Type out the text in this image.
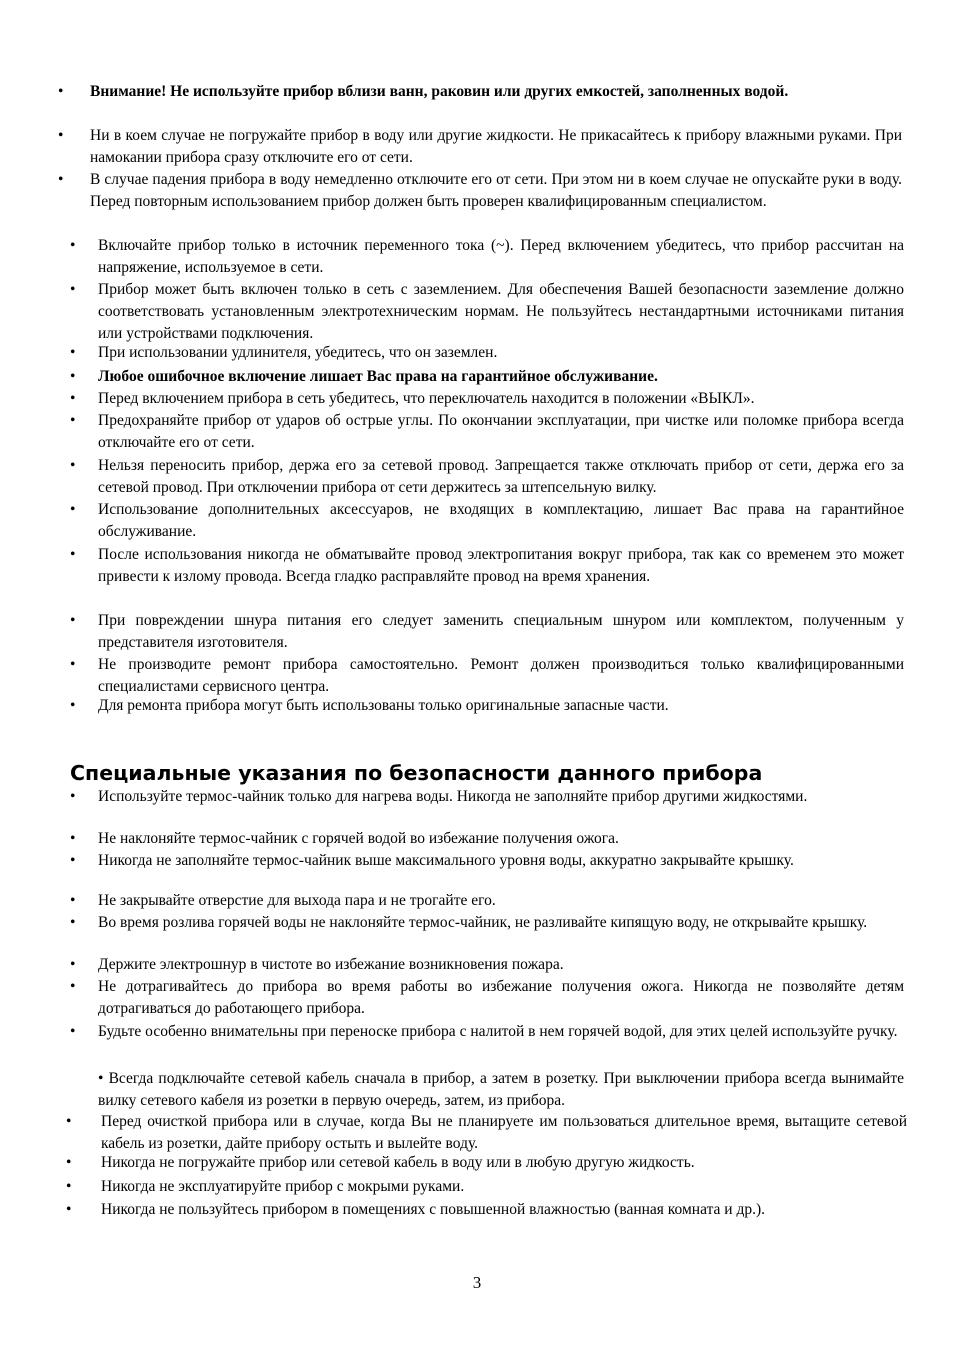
Специальные указания по безопасности данного прибора
• Всегда подключайте сетевой кабель сначала в прибор, а затем в розетку. При выключении прибора всегда вынимайте вилку сетевого кабеля из розетки в первую очередь, затем, из прибора.
3
• Внимание! Не используйте прибор вблизи ванн, раковин или других емкостей, заполненных водой.
• Ни в коем случае не погружайте прибор в воду или другие жидкости. Не прикасайтесь к прибору влажными руками. При намокании прибора сразу отключите его от сети.
• В случае падения прибора в воду немедленно отключите его от сети. При этом ни в коем случае не опускайте руки в воду. Перед повторным использованием прибор должен быть проверен квалифицированным специалистом.
• Включайте прибор только в источник переменного тока (~). Перед включением убедитесь, что прибор рассчитан на напряжение, используемое в сети.
• Прибор может быть включен только в сеть с заземлением. Для обеспечения Вашей безопасности заземление должно соответствовать установленным электротехническим нормам. Не пользуйтесь нестандартными источниками питания или устройствами подключения.
• При использовании удлинителя, убедитесь, что он заземлен.
• Любое ошибочное включение лишает Вас права на гарантийное обслуживание.
• Перед включением прибора в сеть убедитесь, что переключатель находится в положении «ВЫКЛ».
• Предохраняйте прибор от ударов об острые углы. По окончании эксплуатации, при чистке или поломке прибора всегда отключайте его от сети.
• Нельзя переносить прибор, держа его за сетевой провод. Запрещается также отключать прибор от сети, держа его за сетевой провод. При отключении прибора от сети держитесь за штепсельную вилку.
• Использование дополнительных аксессуаров, не входящих в комплектацию, лишает Вас права на гарантийное обслуживание.
• После использования никогда не обматывайте провод электропитания вокруг прибора, так как со временем это может привести к излому провода. Всегда гладко расправляйте провод на время хранения.
• При повреждении шнура питания его следует заменить специальным шнуром или комплектом, полученным у представителя изготовителя.
• Не производите ремонт прибора самостоятельно. Ремонт должен производиться только квалифицированными специалистами сервисного центра.
• Для ремонта прибора могут быть использованы только оригинальные запасные части.
• Используйте термос-чайник только для нагрева воды. Никогда не заполняйте прибор другими жидкостями.
• Не наклоняйте термос-чайник с горячей водой во избежание получения ожога.
• Никогда не заполняйте термос-чайник выше максимального уровня воды, аккуратно закрывайте крышку.
• Не закрывайте отверстие для выхода пара и не трогайте его.
• Во время розлива горячей воды не наклоняйте термос-чайник, не разливайте кипящую воду, не открывайте крышку.
• Держите электрошнур в чистоте во избежание возникновения пожара.
• Не дотрагивайтесь до прибора во время работы во избежание получения ожога. Никогда не позволяйте детям дотрагиваться до работающего прибора.
• Будьте особенно внимательны при переноске прибора с налитой в нем горячей водой, для этих целей используйте ручку.
• Перед очисткой прибора или в случае, когда Вы не планируете им пользоваться длительное время, вытащите сетевой кабель из розетки, дайте прибору остыть и вылейте воду.
• Никогда не погружайте прибор или сетевой кабель в воду или в любую другую жидкость.
• Никогда не эксплуатируйте прибор с мокрыми руками.
• Никогда не пользуйтесь прибором в помещениях с повышенной влажностью (ванная комната и др.).
